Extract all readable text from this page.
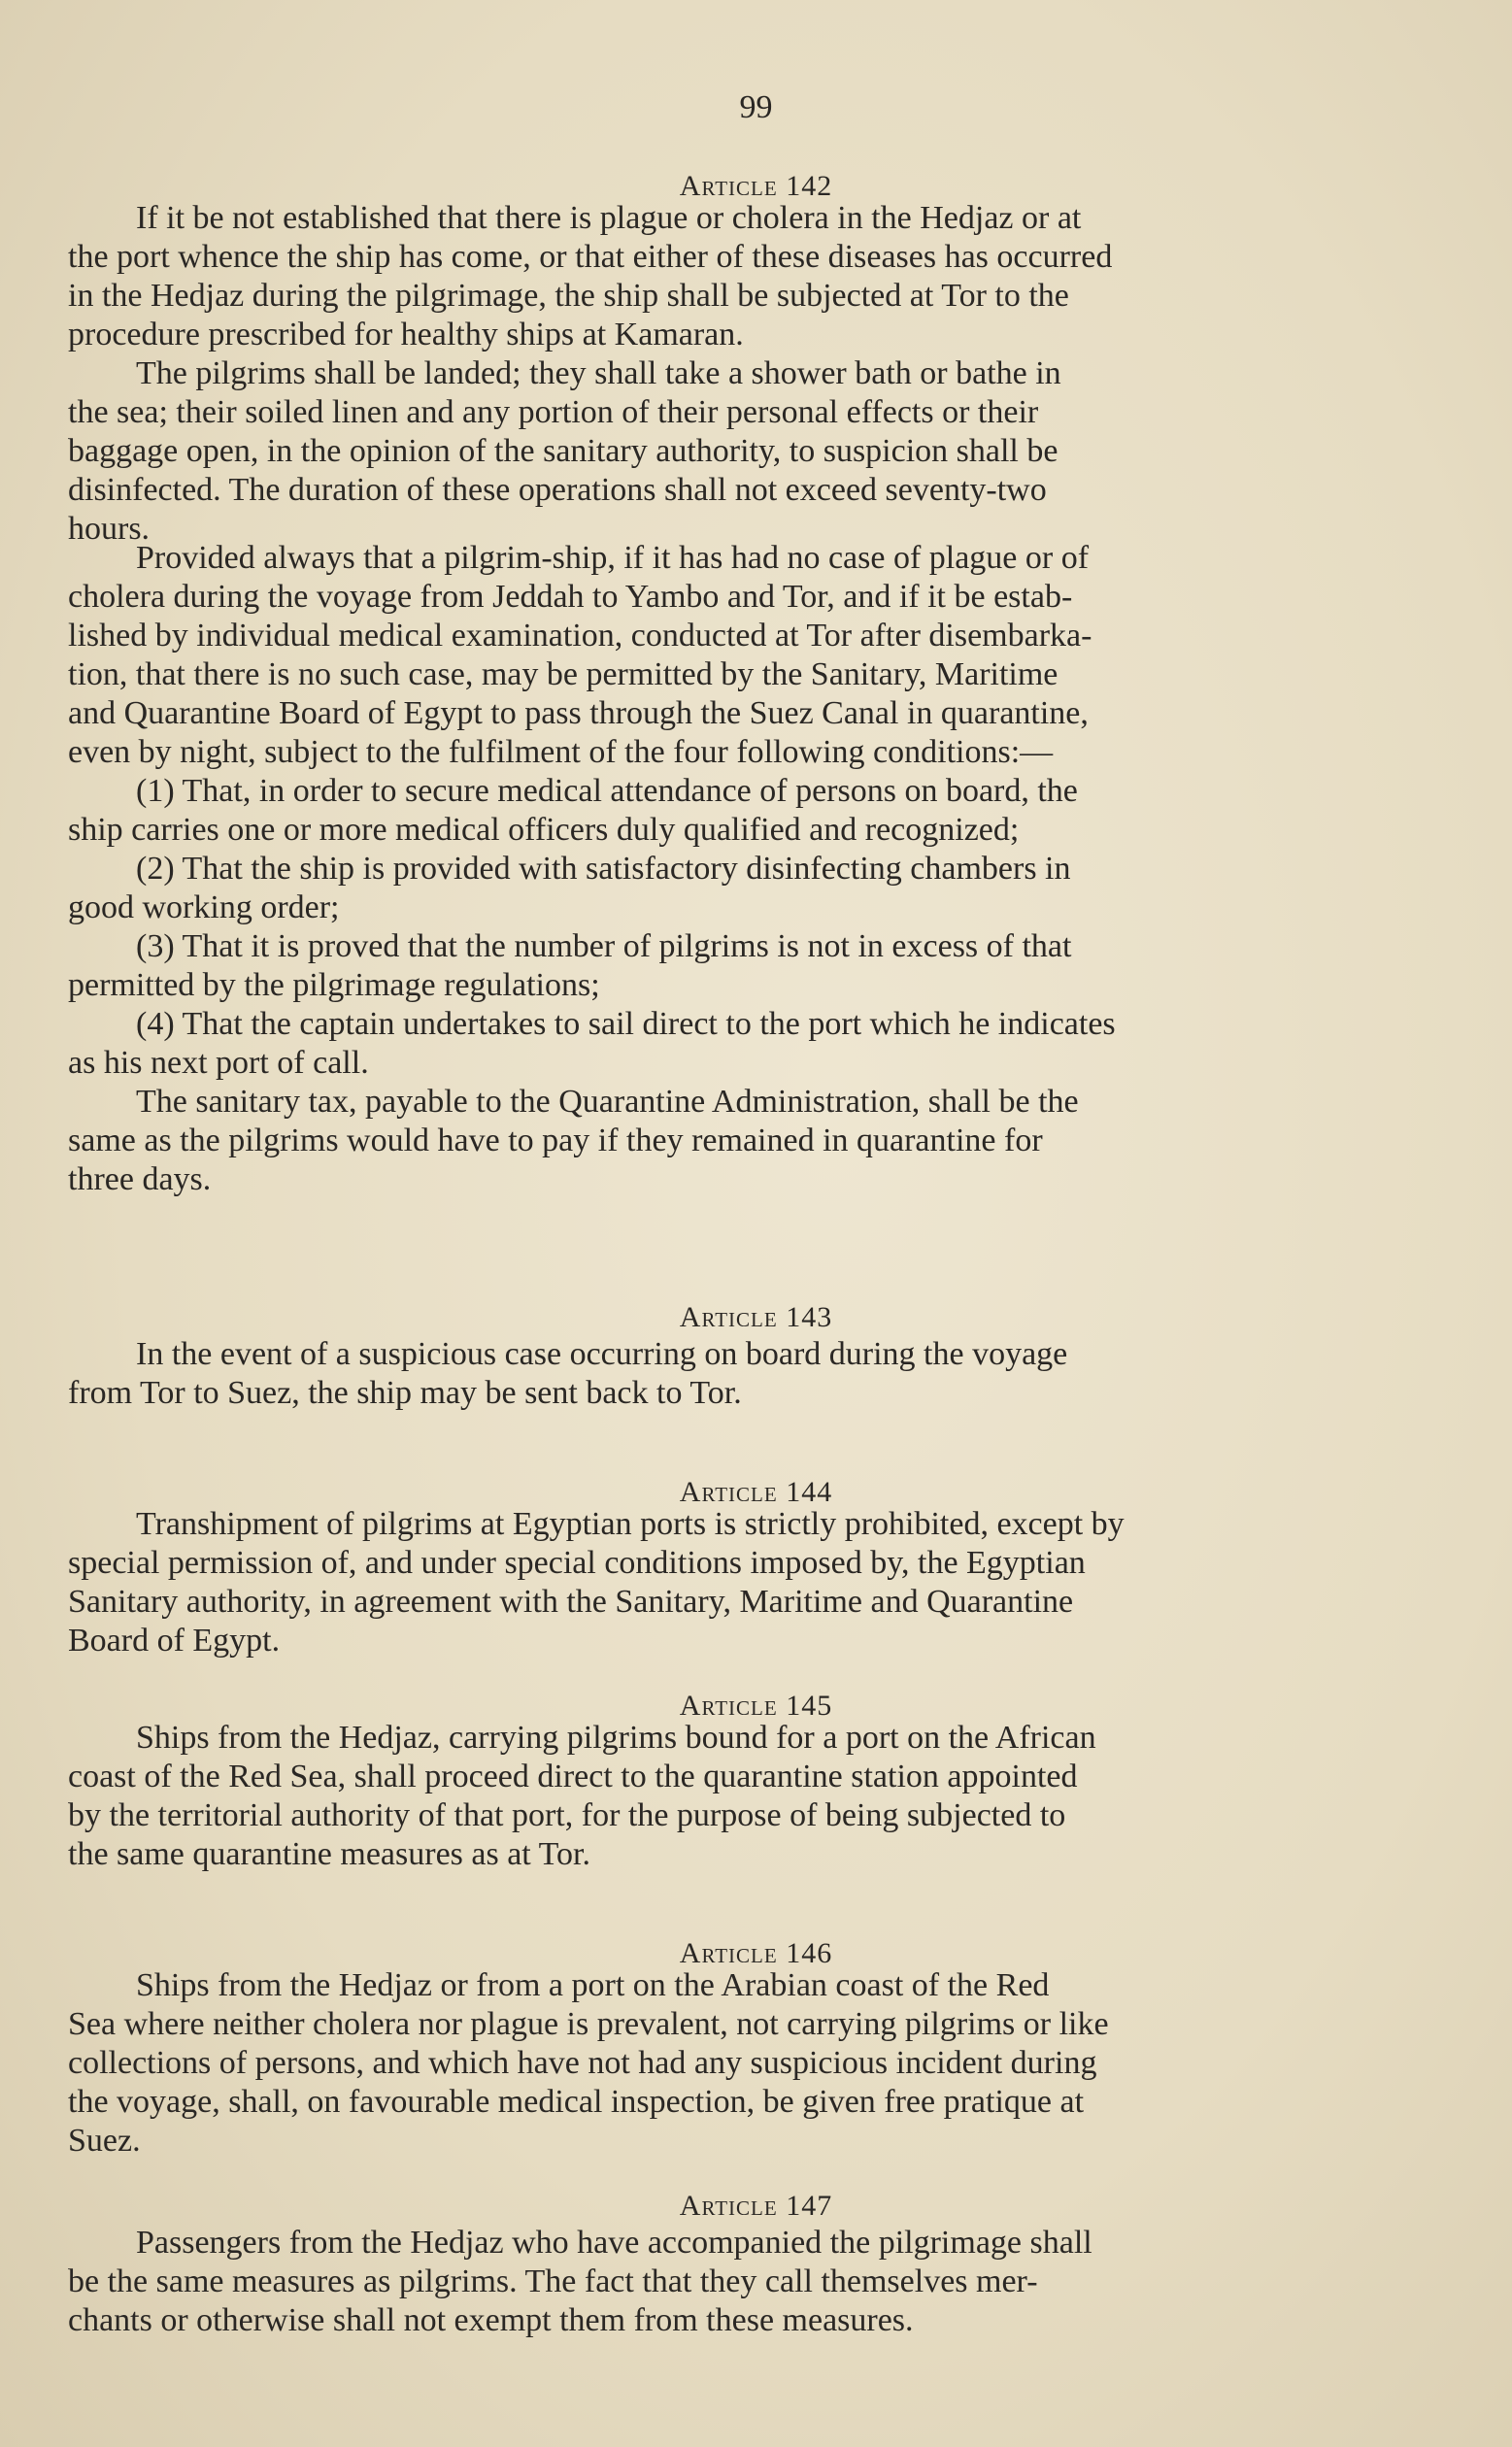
99
Article 142
If it be not established that there is plague or cholera in the Hedjaz or at
the port whence the ship has come, or that either of these diseases has occurred
in the Hedjaz during the pilgrimage, the ship shall be subjected at Tor to the
procedure prescribed for healthy ships at Kamaran.
The pilgrims shall be landed; they shall take a shower bath or bathe in
the sea; their soiled linen and any portion of their personal effects or their
baggage open, in the opinion of the sanitary authority, to suspicion shall be
disinfected. The duration of these operations shall not exceed seventy-two
hours.
Provided always that a pilgrim-ship, if it has had no case of plague or of
cholera during the voyage from Jeddah to Yambo and Tor, and if it be estab-
lished by individual medical examination, conducted at Tor after disembarka-
tion, that there is no such case, may be permitted by the Sanitary, Maritime
and Quarantine Board of Egypt to pass through the Suez Canal in quarantine,
even by night, subject to the fulfilment of the four following conditions:—
(1) That, in order to secure medical attendance of persons on board, the
ship carries one or more medical officers duly qualified and recognized;
(2) That the ship is provided with satisfactory disinfecting chambers in
good working order;
(3) That it is proved that the number of pilgrims is not in excess of that
permitted by the pilgrimage regulations;
(4) That the captain undertakes to sail direct to the port which he indicates
as his next port of call.
The sanitary tax, payable to the Quarantine Administration, shall be the
same as the pilgrims would have to pay if they remained in quarantine for
three days.
Article 143
In the event of a suspicious case occurring on board during the voyage
from Tor to Suez, the ship may be sent back to Tor.
Article 144
Transhipment of pilgrims at Egyptian ports is strictly prohibited, except by
special permission of, and under special conditions imposed by, the Egyptian
Sanitary authority, in agreement with the Sanitary, Maritime and Quarantine
Board of Egypt.
Article 145
Ships from the Hedjaz, carrying pilgrims bound for a port on the African
coast of the Red Sea, shall proceed direct to the quarantine station appointed
by the territorial authority of that port, for the purpose of being subjected to
the same quarantine measures as at Tor.
Article 146
Ships from the Hedjaz or from a port on the Arabian coast of the Red
Sea where neither cholera nor plague is prevalent, not carrying pilgrims or like
collections of persons, and which have not had any suspicious incident during
the voyage, shall, on favourable medical inspection, be given free pratique at
Suez.
Article 147
Passengers from the Hedjaz who have accompanied the pilgrimage shall
be the same measures as pilgrims. The fact that they call themselves mer-
chants or otherwise shall not exempt them from these measures.
